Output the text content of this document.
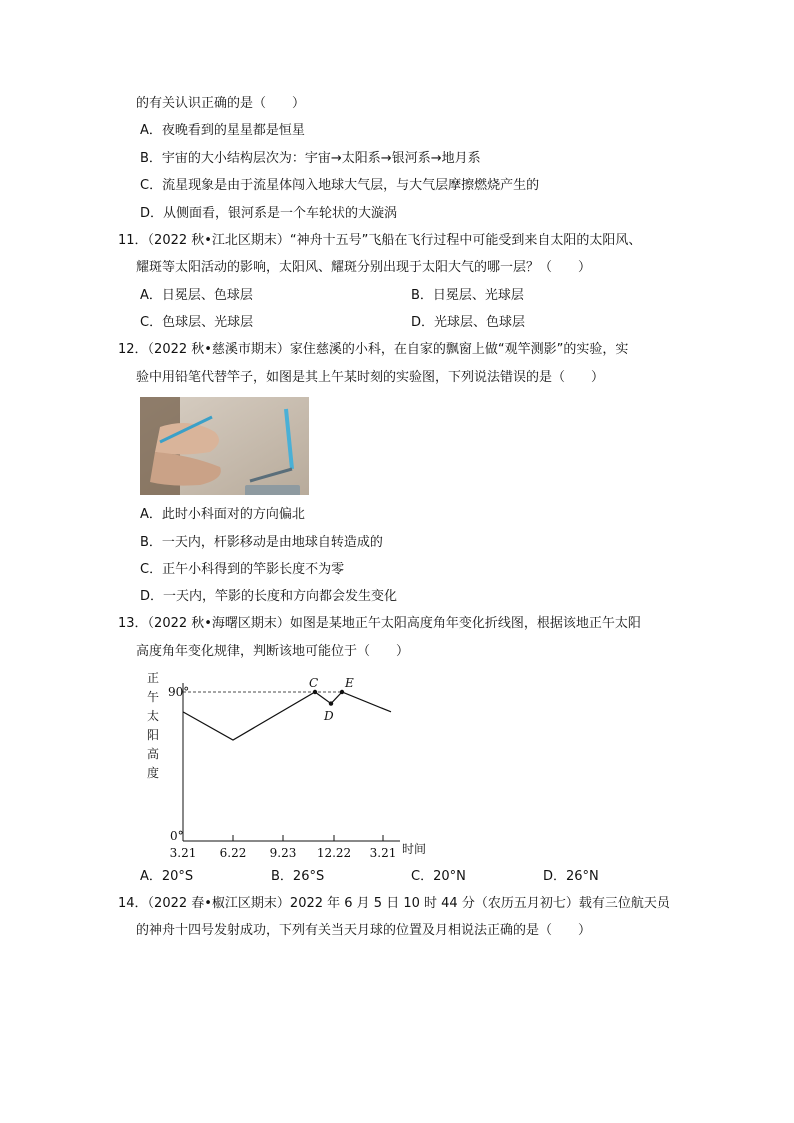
的有关认识正确的是（　　）
A．夜晚看到的星星都是恒星
B．宇宙的大小结构层次为：宇宙→太阳系→银河系→地月系
C．流星现象是由于流星体闯入地球大气层，与大气层摩擦燃烧产生的
D．从侧面看，银河系是一个车轮状的大漩涡
11．（2022 秋•江北区期末）“神舟十五号”飞船在飞行过程中可能受到来自太阳的太阳风、
耀斑等太阳活动的影响，太阳风、耀斑分别出现于太阳大气的哪一层？（　　）
A．日冕层、色球层	B．日冕层、光球层
C．色球层、光球层	D．光球层、色球层
12．（2022 秋•慈溪市期末）家住慈溪的小科，在自家的飘窗上做“观竿测影”的实验，实
验中用铅笔代替竿子，如图是其上午某时刻的实验图，下列说法错误的是（　　）
A．此时小科面对的方向偏北
B．一天内，杆影移动是由地球自转造成的
C．正午小科得到的竿影长度不为零
D．一天内，竿影的长度和方向都会发生变化
13．（2022 秋•海曙区期末）如图是某地正午太阳高度角年变化折线图，根据该地正午太阳
高度角年变化规律，判断该地可能位于（　　）
正
午
太
阳
高
度
90°
0°
3.21 6.22 9.23 12.22 3.21 时间
C
D
E
A．20°S	B．26°S	C．20°N	D．26°N
14．（2022 春•椒江区期末）2022 年 6 月 5 日 10 时 44 分（农历五月初七）载有三位航天员
的神舟十四号发射成功，下列有关当天月球的位置及月相说法正确的是（　　）
